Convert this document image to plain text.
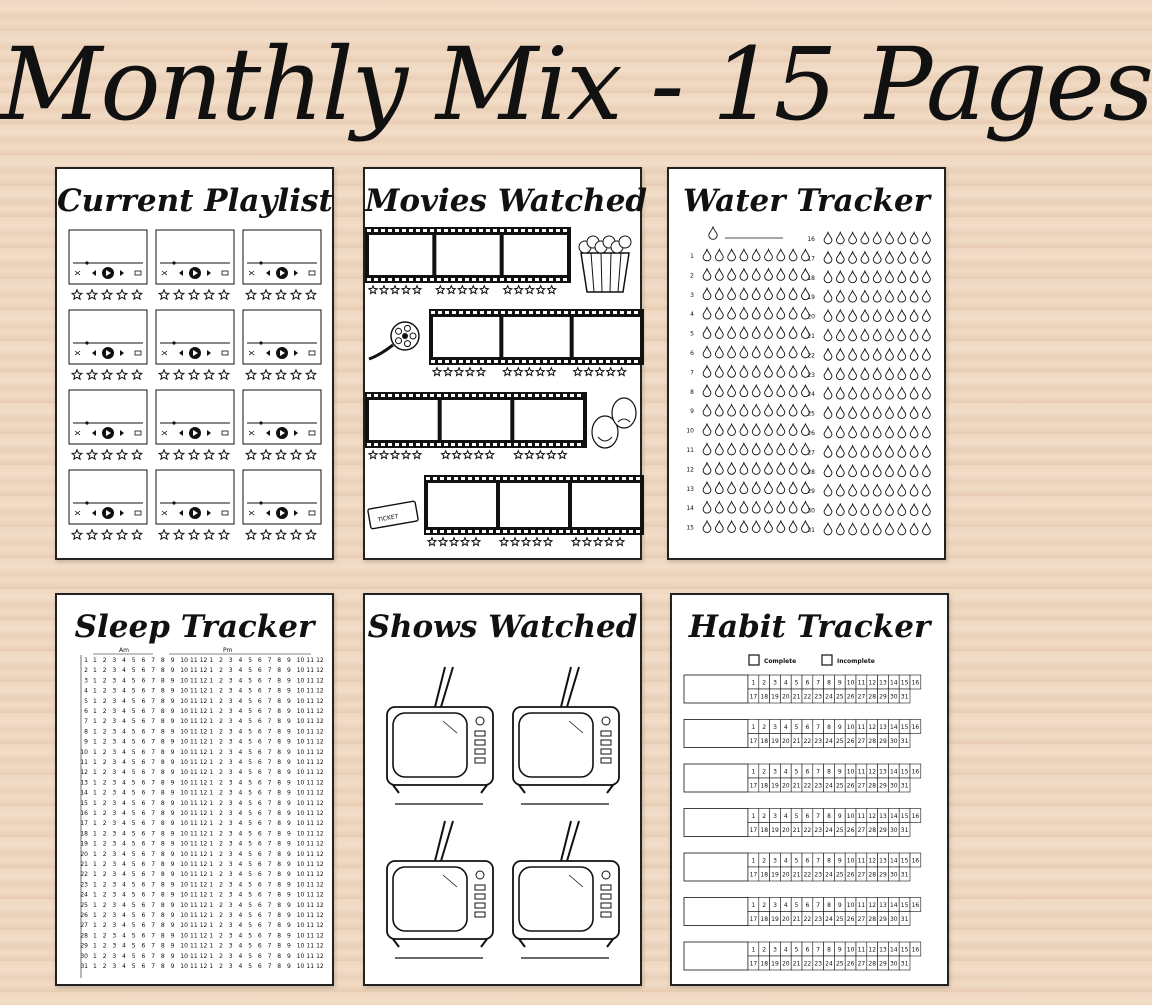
Monthly Mix - 15 Pages
Current Playlist Movies Watched
TICKET
Water Tracker
1
2
3
4
5
6
7
8
9
10
11
12
13
14
15
16
17
18
19
20
21
22
23
24
25
26
27
28
29
30
31
Sleep Tracker
Am	Pm
1 1 2 3 4 5 6 7 8 9 10 11 12 1 2 3 4 5 6 7 8 9 10 11 12
2 1 2 3 4 5 6 7 8 9 10 11 12 1 2 3 4 5 6 7 8 9 10 11 12
3 1 2 3 4 5 6 7 8 9 10 11 12 1 2 3 4 5 6 7 8 9 10 11 12
4 1 2 3 4 5 6 7 8 9 10 11 12 1 2 3 4 5 6 7 8 9 10 11 12
5 1 2 3 4 5 6 7 8 9 10 11 12 1 2 3 4 5 6 7 8 9 10 11 12
6 1 2 3 4 5 6 7 8 9 10 11 12 1 2 3 4 5 6 7 8 9 10 11 12
7 1 2 3 4 5 6 7 8 9 10 11 12 1 2 3 4 5 6 7 8 9 10 11 12
8 1 2 3 4 5 6 7 8 9 10 11 12 1 2 3 4 5 6 7 8 9 10 11 12
9 1 2 3 4 5 6 7 8 9 10 11 12 1 2 3 4 5 6 7 8 9 10 11 12
10 1 2 3 4 5 6 7 8 9 10 11 12 1 2 3 4 5 6 7 8 9 10 11 12
11 1 2 3 4 5 6 7 8 9 10 11 12 1 2 3 4 5 6 7 8 9 10 11 12
12 1 2 3 4 5 6 7 8 9 10 11 12 1 2 3 4 5 6 7 8 9 10 11 12
13 1 2 3 4 5 6 7 8 9 10 11 12 1 2 3 4 5 6 7 8 9 10 11 12
14 1 2 3 4 5 6 7 8 9 10 11 12 1 2 3 4 5 6 7 8 9 10 11 12
15 1 2 3 4 5 6 7 8 9 10 11 12 1 2 3 4 5 6 7 8 9 10 11 12
16 1 2 3 4 5 6 7 8 9 10 11 12 1 2 3 4 5 6 7 8 9 10 11 12
17 1 2 3 4 5 6 7 8 9 10 11 12 1 2 3 4 5 6 7 8 9 10 11 12
18 1 2 3 4 5 6 7 8 9 10 11 12 1 2 3 4 5 6 7 8 9 10 11 12
19 1 2 3 4 5 6 7 8 9 10 11 12 1 2 3 4 5 6 7 8 9 10 11 12
20 1 2 3 4 5 6 7 8 9 10 11 12 1 2 3 4 5 6 7 8 9 10 11 12
21 1 2 3 4 5 6 7 8 9 10 11 12 1 2 3 4 5 6 7 8 9 10 11 12
22 1 2 3 4 5 6 7 8 9 10 11 12 1 2 3 4 5 6 7 8 9 10 11 12
23 1 2 3 4 5 6 7 8 9 10 11 12 1 2 3 4 5 6 7 8 9 10 11 12
24 1 2 3 4 5 6 7 8 9 10 11 12 1 2 3 4 5 6 7 8 9 10 11 12
25 1 2 3 4 5 6 7 8 9 10 11 12 1 2 3 4 5 6 7 8 9 10 11 12
26 1 2 3 4 5 6 7 8 9 10 11 12 1 2 3 4 5 6 7 8 9 10 11 12
27 1 2 3 4 5 6 7 8 9 10 11 12 1 2 3 4 5 6 7 8 9 10 11 12
28 1 2 3 4 5 6 7 8 9 10 11 12 1 2 3 4 5 6 7 8 9 10 11 12
29 1 2 3 4 5 6 7 8 9 10 11 12 1 2 3 4 5 6 7 8 9 10 11 12
30 1 2 3 4 5 6 7 8 9 10 11 12 1 2 3 4 5 6 7 8 9 10 11 12
31 1 2 3 4 5 6 7 8 9 10 11 12 1 2 3 4 5 6 7 8 9 10 11 12
Shows Watched	Habit Tracker
Complete	Incomplete
1 2 3 4 5 6 7 8 9 10 11 12 13 14 15 16
17 18 19 20 21 22 23 24 25 26 27 28 29 30 31
1 2 3 4 5 6 7 8 9 10 11 12 13 14 15 16
17 18 19 20 21 22 23 24 25 26 27 28 29 30 31
1 2 3 4 5 6 7 8 9 10 11 12 13 14 15 16
17 18 19 20 21 22 23 24 25 26 27 28 29 30 31
1 2 3 4 5 6 7 8 9 10 11 12 13 14 15 16
17 18 19 20 21 22 23 24 25 26 27 28 29 30 31
1 2 3 4 5 6 7 8 9 10 11 12 13 14 15 16
17 18 19 20 21 22 23 24 25 26 27 28 29 30 31
1 2 3 4 5 6 7 8 9 10 11 12 13 14 15 16
17 18 19 20 21 22 23 24 25 26 27 28 29 30 31
1 2 3 4 5 6 7 8 9 10 11 12 13 14 15 16
17 18 19 20 21 22 23 24 25 26 27 28 29 30 31
